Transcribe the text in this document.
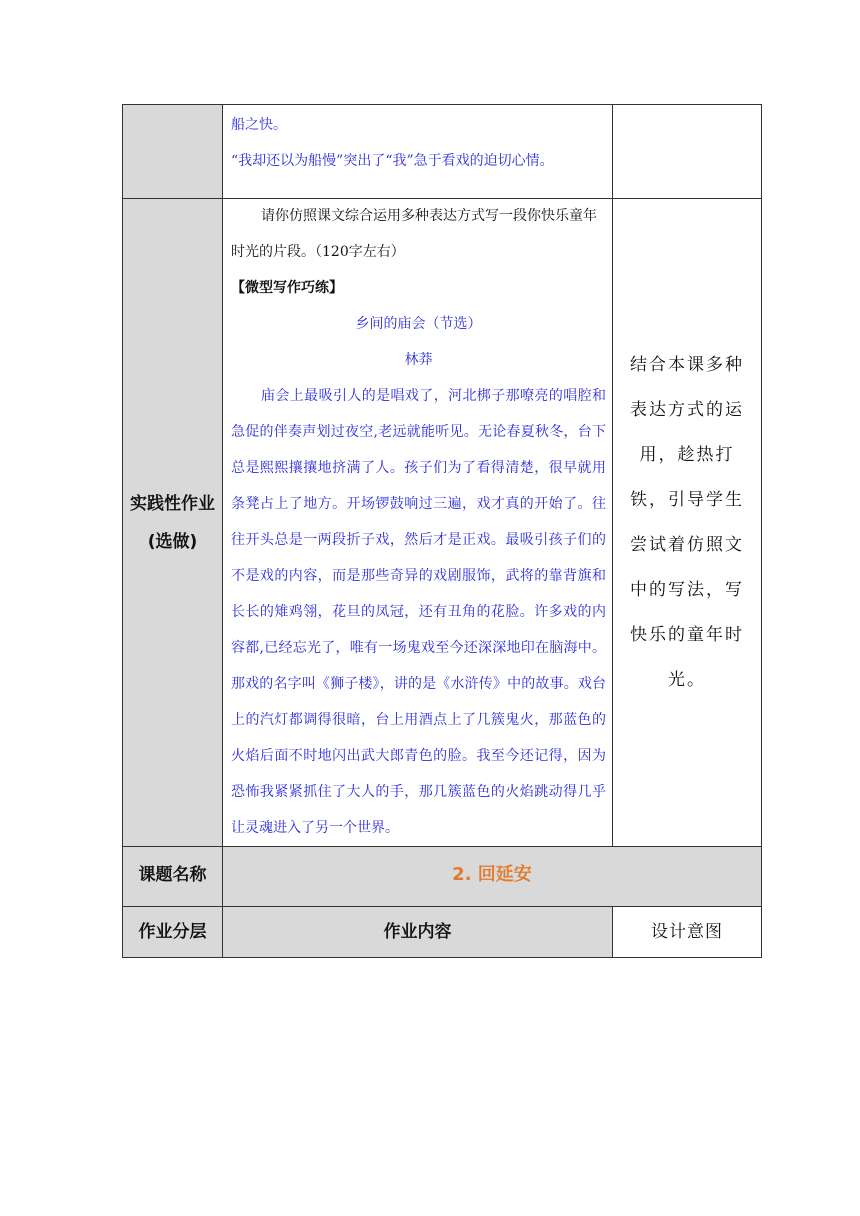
	船之快。

“我却还以为船慢”突出了“我”急于看戏的迫切心情。	

实践性作业(选做)	请你仿照课文综合运用多种表达方式写一段你快乐童年时光的片段。（120字左右）

【微型写作巧练】

乡间的庙会（节选）

林莽

庙会上最吸引人的是唱戏了，河北梆子那嘹亮的唱腔和急促的伴奏声划过夜空,老远就能听见。无论春夏秋冬，台下总是熙熙攘攘地挤满了人。孩子们为了看得清楚，很早就用条凳占上了地方。开场锣鼓响过三遍，戏才真的开始了。往往开头总是一两段折子戏，然后才是正戏。最吸引孩子们的不是戏的内容，而是那些奇异的戏剧服饰，武将的靠背旗和长长的雉鸡翎，花旦的凤冠，还有丑角的花脸。许多戏的内容都,已经忘光了，唯有一场鬼戏至今还深深地印在脑海中。那戏的名字叫《狮子楼》，讲的是《水浒传》中的故事。戏台上的汽灯都调得很暗，台上用酒点上了几簇鬼火，那蓝色的火焰后面不时地闪出武大郎青色的脸。我至今还记得，因为恐怖我紧紧抓住了大人的手，那几簇蓝色的火焰跳动得几乎让灵魂进入了另一个世界。	结合本课多种表达方式的运用，趁热打铁，引导学生尝试着仿照文中的写法，写快乐的童年时光。

课题名称	2. 回延安	

作业分层	作业内容	设计意图
